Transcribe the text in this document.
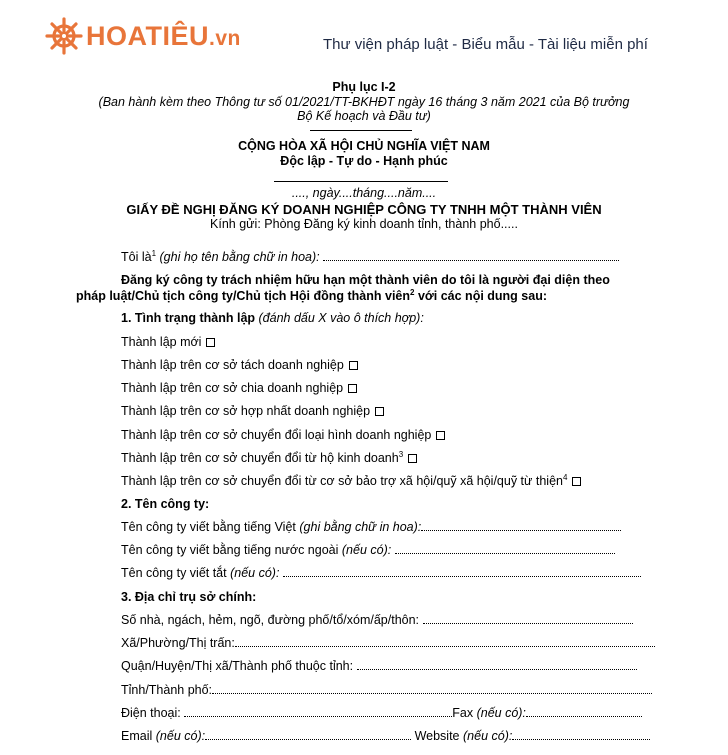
HOATIÊU.vn	Thư viện pháp luật - Biểu mẫu - Tài liệu miễn phí
Phụ lục I-2
(Ban hành kèm theo Thông tư số 01/2021/TT-BKHĐT ngày 16 tháng 3 năm 2021 của Bộ trưởng
Bộ Kế hoạch và Đầu tư)
CỘNG HÒA XÃ HỘI CHỦ NGHĨA VIỆT NAM
Độc lập - Tự do - Hạnh phúc
...., ngày....tháng....năm....
GIẤY ĐỀ NGHỊ ĐĂNG KÝ DOANH NGHIỆP CÔNG TY TNHH MỘT THÀNH VIÊN
Kính gửi: Phòng Đăng ký kinh doanh tỉnh, thành phố.....
Tôi $là^1$ (ghi họ tên bằng chữ in hoa):
Đăng ký công ty trách nhiệm hữu hạn một thành viên do tôi là người đại diện theo
pháp luật/Chủ tịch công ty/Chủ tịch Hội đồng thành viên$^2$ với các nội dung sau:
1. Tình trạng thành lập (đánh dấu X vào ô thích hợp):
Thành lập mới
Thành lập trên cơ sở tách doanh nghiệp
Thành lập trên cơ sở chia doanh nghiệp
Thành lập trên cơ sở hợp nhất doanh nghiệp
Thành lập trên cơ sở chuyển đổi loại hình doanh nghiệp
Thành lập trên cơ sở chuyển đổi từ hộ kinh doanh$^3$
Thành lập trên cơ sở chuyển đổi từ cơ sở bảo trợ xã hội/quỹ xã hội/quỹ từ thiện$^4$
2. Tên công ty:
Tên công ty viết bằng tiếng Việt (ghi bằng chữ in hoa):
Tên công ty viết bằng tiếng nước ngoài (nếu có):
Tên công ty viết tắt (nếu có):
3. Địa chỉ trụ sở chính:
Số nhà, ngách, hẻm, ngõ, đường phố/tổ/xóm/ấp/thôn:
Xã/Phường/Thị trấn:
Quận/Huyện/Thị xã/Thành phố thuộc tỉnh:
Tỉnh/Thành phố:
Điện thoại:	Fax (nếu có):
Email (nếu có):	Website (nếu có):
